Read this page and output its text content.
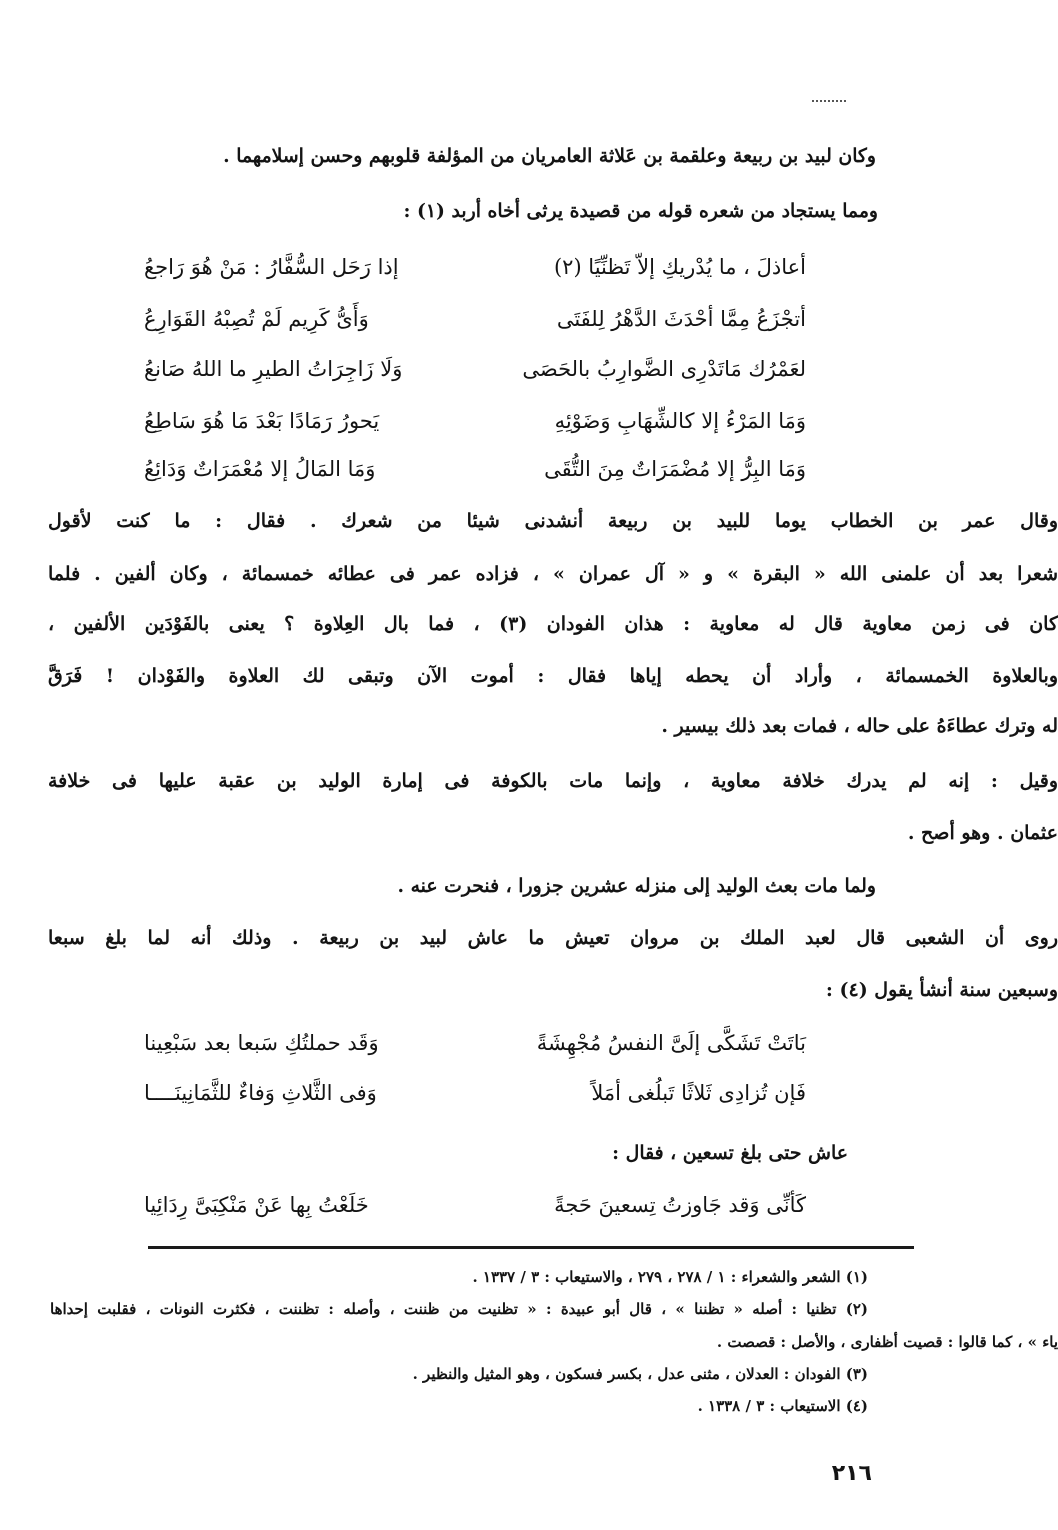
وكان لبيد بن ربيعة وعلقمة بن عَلاثة العامريان من المؤلفة قلوبهم وحسن إسلامهما .
ومما يستجاد من شعره قوله من قصيدة يرثى أخاه أربد (١) :
أعاذلَ ، ما يُدْريكِ إلاّ تَظنِّيًا (٢)
إذا رَحَل السُّفَّارُ : مَنْ هُوَ رَاجعُ
أتجْزَعُ مِمَّا أحْدَثَ الدَّهْرُ لِلفَتَى
وَأَىُّ كَرِيم لَمْ تُصِبْهُ القَوَارِعُ
لعَمْرُك مَاتَدْرِى الضَّوارِبُ بالحَصَى
وَلَا زَاجِرَاتُ الطيرِ ما اللهُ صَانعُ
وَمَا المَرْءُ إلا كالشِّهَابِ وَضَوْئِهِ
يَحورُ رَمَادًا بَعْدَ مَا هُوَ سَاطِعُ
وَمَا البِرُّ إلا مُضْمَرَاتٌ مِنَ التُّقَى
وَمَا المَالُ إلا مُعْمَرَاتٌ وَدَائِعُ
وقال عمر بن الخطاب يوما للبيد بن ربيعة أنشدنى شيئا من شعرك . فقال : ما كنت لأقول
شعرا بعد أن علمنى الله « البقرة » و « آل عمران » ، فزاده عمر فى عطائه خمسمائة ، وكان ألفين . فلما
كان فى زمن معاوية قال له معاوية : هذان الفودان (٣) ، فما بال العِلاوة ؟ يعنى بالفَوْدَين الألفين ،
وبالعلاوة الخمسمائة ، وأراد أن يحطه إياها فقال : أموت الآن وتبقى لك العلاوة والفَوْدان ! فَرَقَّ
له وترك عطاءَهُ على حاله ، فمات بعد ذلك بيسير .
وقيل : إنه لم يدرك خلافة معاوية ، وإنما مات بالكوفة فى إمارة الوليد بن عقبة عليها فى خلافة
عثمان . وهو أصح .
ولما مات بعث الوليد إلى منزله عشرين جزورا ، فنحرت عنه .
روى أن الشعبى قال لعبد الملك بن مروان تعيش ما عاش لبيد بن ربيعة . وذلك أنه لما بلغ سبعا
وسبعين سنة أنشأ يقول (٤) :
بَاتَتْ تَشَكَّى إلَىَّ النفسُ مُجْهِشَةً
وَقَد حملتُكِ سَبعا بعد سَبْعِينا
فَإن تُزادِى ثَلاثًا تَبلُغى أمَلاً
وَفى الثَّلاثِ وَفاءٌ للثَّمَانِينَــــا
عاش حتى بلغ تسعين ، فقال :
كَأنِّى وَقد جَاوزتُ تِسعينَ حَجةً
خَلَعْتُ بِها عَنْ مَنْكِبَىَّ رِدَائِيا
(١) الشعر والشعراء : ١ / ٢٧٨ ، ٢٧٩ ، والاستيعاب : ٣ / ١٣٣٧ .
(٢) تظنيا : أصله « تظننا » ، قال أبو عبيدة : « تظنيت من ظننت ، وأصله : تظننت ، فكثرت النونات ، فقلبت إحداها
ياء » ، كما قالوا : قصيت أظفارى ، والأصل : قصصت .
(٣) الفودان : العدلان ، مثنى عدل ، بكسر فسكون ، وهو المثيل والنظير .
(٤) الاستيعاب : ٣ / ١٣٣٨ .
٢١٦
